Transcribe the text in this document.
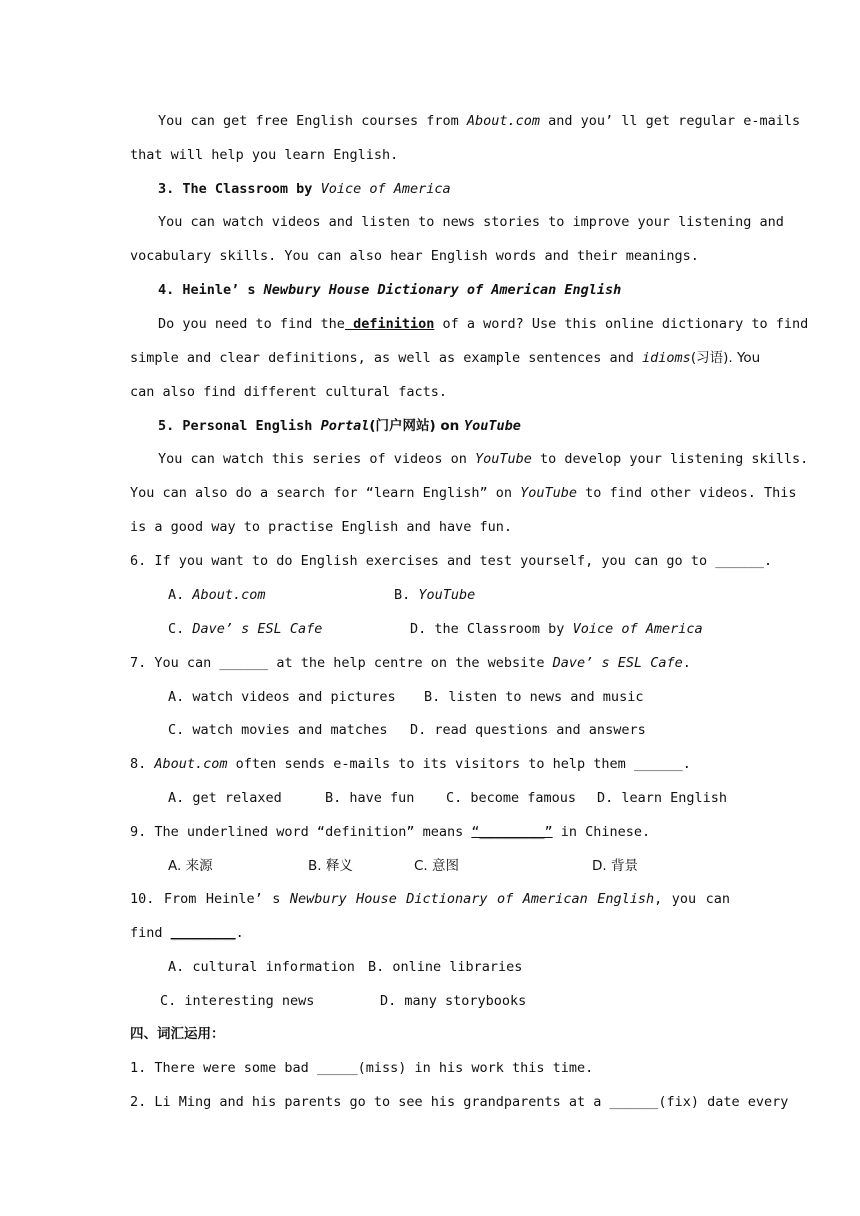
You can get free English courses from About.com and you’ ll get regular e-mails
that will help you learn English.
3. The Classroom by Voice of America
You can watch videos and listen to news stories to improve your listening and
vocabulary skills. You can also hear English words and their meanings.
4. Heinle’ s Newbury House Dictionary of American English
Do you need to find the definition of a word? Use this online dictionary to find
simple and clear definitions, as well as example sentences and idioms(习语). You
can also find different cultural facts.
5. Personal English Portal(门户网站) on YouTube
You can watch this series of videos on YouTube to develop your listening skills.
You can also do a search for “learn English” on YouTube to find other videos. This
is a good way to practise English and have fun.
6. If you want to do English exercises and test yourself, you can go to ______.
A. About.com	B. YouTube
C. Dave’ s ESL Cafe	D. the Classroom by Voice of America
7. You can ______ at the help centre on the website Dave’ s ESL Cafe.
A. watch videos and pictures	B. listen to news and music
C. watch movies and matches	D. read questions and answers
8. About.com often sends e-mails to its visitors to help them ______.
A. get relaxed	B. have fun	C. become famous	D. learn English
9. The underlined word “definition” means “________” in Chinese.
A. 来源	B. 释义	C. 意图	D. 背景
10. From Heinle’ s Newbury House Dictionary of American English, you can
find ________.
A. cultural information B. online libraries
C. interesting news	D. many storybooks
四、词汇运用：
1. There were some bad _____(miss) in his work this time.
2. Li Ming and his parents go to see his grandparents at a ______(fix) date every
